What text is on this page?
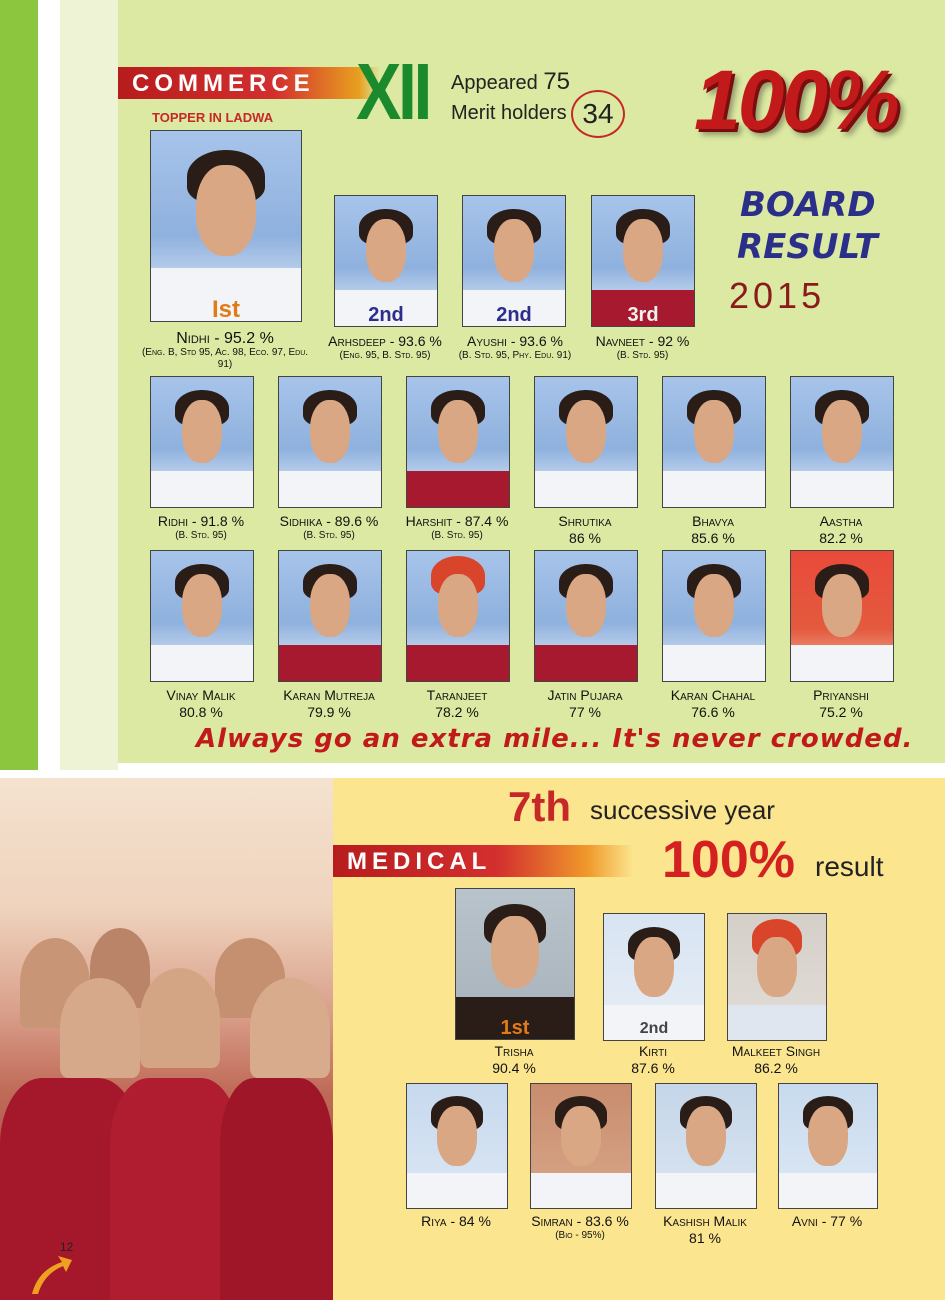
12
COMMERCE XII Appeared 75
Merit holders 34
TOPPER IN LADWA	100%
BOARD
RESULT
2015
Ist	2nd	2nd	3rd
Nidhi - 95.2 %
(Eng. B, Std 95, Ac. 98, Eco. 97, Edu. 91)
Arhsdeep - 93.6 %
(Eng. 95, B. Std. 95)
Ayushi - 93.6 %
(B. Std. 95, Phy. Edu. 91)
Navneet - 92 %
(B. Std. 95)
Ridhi - 91.8 %
(B. Std. 95)
Sidhika - 89.6 %
(B. Std. 95)
Harshit - 87.4 %
(B. Std. 95)
Shrutika
86 %
Bhavya
85.6 %
Aastha
82.2 %
Vinay Malik
80.8 %
Karan Mutreja
79.9 %
Taranjeet
78.2 %
Jatin Pujara
77 %
Karan Chahal
76.6 %
Priyanshi
75.2 %
Always go an extra mile... It's never crowded.
7th successive year
MEDICAL	100% result
1st	2nd
Trisha
90.4 %
Kirti
87.6 %
Malkeet Singh
86.2 %
Riya - 84 %	Simran - 83.6 %
(Bio - 95%)
Kashish Malik
81 %
Avni - 77 %
